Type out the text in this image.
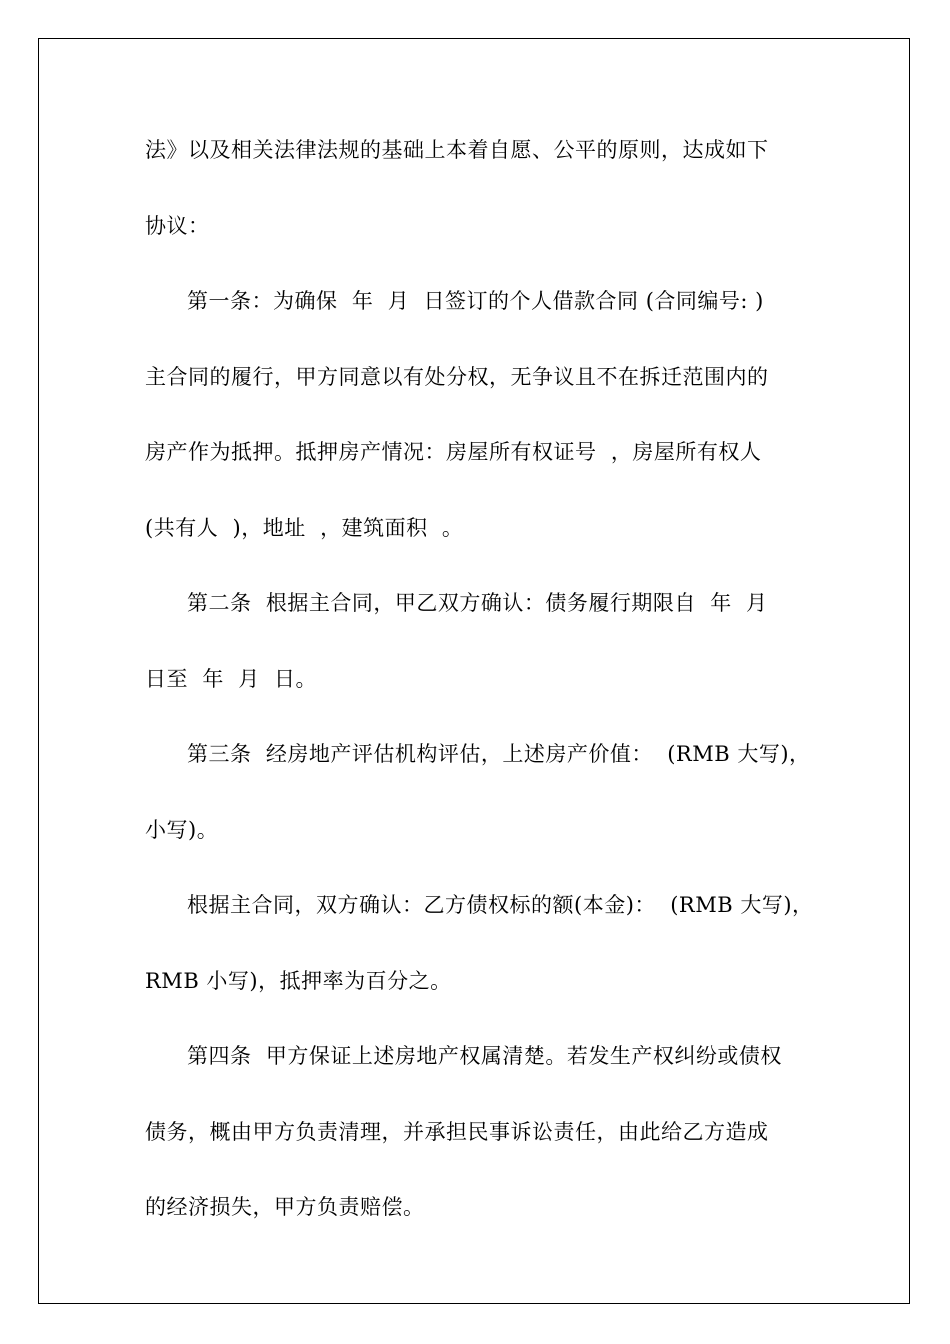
法》以及相关法律法规的基础上本着自愿、公平的原则，达成如下
协议：
第一条：为确保  年  月  日签订的个人借款合同 (合同编号: )
主合同的履行，甲方同意以有处分权，无争议且不在拆迁范围内的
房产作为抵押。抵押房产情况：房屋所有权证号  ，房屋所有权人
(共有人  )，地址  ，建筑面积  。
第二条  根据主合同，甲乙双方确认：债务履行期限自  年  月
日至  年  月  日。
第三条  经房地产评估机构评估，上述房产价值：  (RMB 大写)，
小写)。
根据主合同，双方确认：乙方债权标的额(本金)：  (RMB 大写)，
RMB 小写)，抵押率为百分之。
第四条  甲方保证上述房地产权属清楚。若发生产权纠纷或债权
债务，概由甲方负责清理，并承担民事诉讼责任，由此给乙方造成
的经济损失，甲方负责赔偿。
